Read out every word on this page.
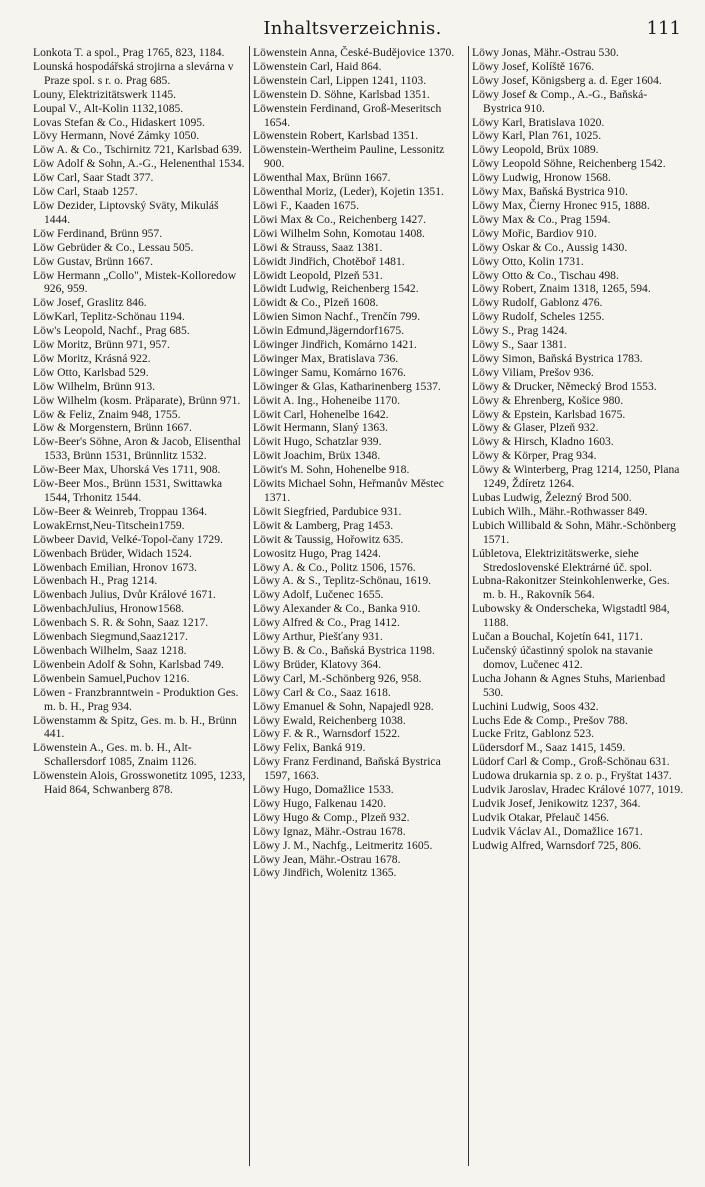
Inhaltsverzeichnis.	111

Lonkota T. a spol., Prag 1765, 823, 1184.

Lounská hospodářská strojirna a slevárna v Praze spol. s r. o. Prag 685.

Louny, Elektrizitätswerk 1145.

Loupal V., Alt-Kolin 1132,1085.

Lovas Stefan & Co., Hidaskert 1095.

Lövy Hermann, Nové Zámky 1050.

Löw A. & Co., Tschirnitz 721, Karlsbad 639.

Löw Adolf & Sohn, A.-G., Helenenthal 1534.

Löw Carl, Saar Stadt 377.

Löw Carl, Staab 1257.

Löw Dezider, Liptovský Sväty, Mikuláš 1444.

Löw Ferdinand, Brünn 957.

Löw Gebrüder & Co., Lessau 505.

Löw Gustav, Brünn 1667.

Löw Hermann „Collo", Mistek-Kolloredow 926, 959.

Löw Josef, Graslitz 846.

LöwKarl, Teplitz-Schönau 1194.

Löw's Leopold, Nachf., Prag 685.

Löw Moritz, Brünn 971, 957.

Löw Moritz, Krásná 922.

Löw Otto, Karlsbad 529.

Löw Wilhelm, Brünn 913.

Löw Wilhelm (kosm. Präparate), Brünn 971.

Löw & Feliz, Znaim 948, 1755.

Löw & Morgenstern, Brünn 1667.

Löw-Beer's Söhne, Aron & Jacob, Elisenthal 1533, Brünn 1531, Brünnlitz 1532.

Löw-Beer Max, Uhorská Ves 1711, 908.

Löw-Beer Mos., Brünn 1531, Swittawka 1544, Trhonitz 1544.

Löw-Beer & Weinreb, Troppau 1364.

LowakErnst,Neu-Titschein1759.

Löwbeer David, Velké-Topol-čany 1729.

Löwenbach Brüder, Widach 1524.

Löwenbach Emilian, Hronov 1673.

Löwenbach H., Prag 1214.

Löwenbach Julius, Dvůr Králové 1671.

LöwenbachJulius, Hronow1568.

Löwenbach S. R. & Sohn, Saaz 1217.

Löwenbach Siegmund,Saaz1217.

Löwenbach Wilhelm, Saaz 1218.

Löwenbein Adolf & Sohn, Karlsbad 749.

Löwenbein Samuel,Puchov 1216.

Löwen - Franzbranntwein - Produktion Ges. m. b. H., Prag 934.

Löwenstamm & Spitz, Ges. m. b. H., Brünn 441.

Löwenstein A., Ges. m. b. H., Alt-Schallersdorf 1085, Znaim 1126.

Löwenstein Alois, Grosswonetitz 1095, 1233, Haid 864, Schwanberg 878.

Löwenstein Anna, České-Budějovice 1370.

Löwenstein Carl, Haid 864.

Löwenstein Carl, Lippen 1241, 1103.

Löwenstein D. Söhne, Karlsbad 1351.

Löwenstein Ferdinand, Groß-Meseritsch 1654.

Löwenstein Robert, Karlsbad 1351.

Löwenstein-Wertheim Pauline, Lessonitz 900.

Löwenthal Max, Brünn 1667.

Löwenthal Moriz, (Leder), Kojetin 1351.

Löwi F., Kaaden 1675.

Löwi Max & Co., Reichenberg 1427.

Löwi Wilhelm Sohn, Komotau 1408.

Löwi & Strauss, Saaz 1381.

Löwidt Jindřich, Chotěboř 1481.

Löwidt Leopold, Plzeň 531.

Löwidt Ludwig, Reichenberg 1542.

Löwidt & Co., Plzeň 1608.

Löwien Simon Nachf., Trenčín 799.

Löwin Edmund,Jägerndorf1675.

Löwinger Jindřich, Komárno 1421.

Löwinger Max, Bratislava 736.

Löwinger Samu, Komárno 1676.

Löwinger & Glas, Katharinenberg 1537.

Löwit A. Ing., Hoheneibe 1170.

Löwit Carl, Hohenelbe 1642.

Löwit Hermann, Slaný 1363.

Löwit Hugo, Schatzlar 939.

Löwit Joachim, Brüx 1348.

Löwit's M. Sohn, Hohenelbe 918.

Löwits Michael Sohn, Heřmanův Městec 1371.

Löwit Siegfried, Pardubice 931.

Löwit & Lamberg, Prag 1453.

Löwit & Taussig, Hořowitz 635.

Lowositz Hugo, Prag 1424.

Löwy A. & Co., Politz 1506, 1576.

Löwy A. & S., Teplitz-Schönau, 1619.

Löwy Adolf, Lučenec 1655.

Löwy Alexander & Co., Banka 910.

Löwy Alfred & Co., Prag 1412.

Löwy Arthur, Piešťany 931.

Löwy B. & Co., Baňská Bystrica 1198.

Löwy Brüder, Klatovy 364.

Löwy Carl, M.-Schönberg 926, 958.

Löwy Carl & Co., Saaz 1618.

Löwy Emanuel & Sohn, Napajedl 928.

Löwy Ewald, Reichenberg 1038.

Löwy F. & R., Warnsdorf 1522.

Löwy Felix, Banká 919.

Löwy Franz Ferdinand, Baňská Bystrica 1597, 1663.

Löwy Hugo, Domažlice 1533.

Löwy Hugo, Falkenau 1420.

Löwy Hugo & Comp., Plzeň 932.

Löwy Ignaz, Mähr.-Ostrau 1678.

Löwy J. M., Nachfg., Leitmeritz 1605.

Löwy Jean, Mähr.-Ostrau 1678.

Löwy Jindřich, Wolenitz 1365.

Löwy Jonas, Mähr.-Ostrau 530.

Löwy Josef, Kolíště 1676.

Löwy Josef, Königsberg a. d. Eger 1604.

Löwy Josef & Comp., A.-G., Baňská-Bystrica 910.

Löwy Karl, Bratislava 1020.

Löwy Karl, Plan 761, 1025.

Löwy Leopold, Brüx 1089.

Löwy Leopold Söhne, Reichenberg 1542.

Löwy Ludwig, Hronow 1568.

Löwy Max, Baňská Bystrica 910.

Löwy Max, Čierny Hronec 915, 1888.

Löwy Max & Co., Prag 1594.

Löwy Mořic, Bardiov 910.

Löwy Oskar & Co., Aussig 1430.

Löwy Otto, Kolin 1731.

Löwy Otto & Co., Tischau 498.

Löwy Robert, Znaim 1318, 1265, 594.

Löwy Rudolf, Gablonz 476.

Löwy Rudolf, Scheles 1255.

Löwy S., Prag 1424.

Löwy S., Saar 1381.

Löwy Simon, Baňská Bystrica 1783.

Löwy Viliam, Prešov 936.

Löwy & Drucker, Německý Brod 1553.

Löwy & Ehrenberg, Košice 980.

Löwy & Epstein, Karlsbad 1675.

Löwy & Glaser, Plzeň 932.

Löwy & Hirsch, Kladno 1603.

Löwy & Körper, Prag 934.

Löwy & Winterberg, Prag 1214, 1250, Plana 1249, Ždíretz 1264.

Lubas Ludwig, Železný Brod 500.

Lubich Wilh., Mähr.-Rothwasser 849.

Lubich Willibald & Sohn, Mähr.-Schönberg 1571.

Lúbletova, Elektrizitätswerke, siehe Stredoslovenské Elektrárné úč. spol.

Lubna-Rakonitzer Steinkohlenwerke, Ges. m. b. H., Rakovník 564.

Lubowsky & Onderscheka, Wigstadtl 984, 1188.

Lučan a Bouchal, Kojetín 641, 1171.

Lučenský účastinný spolok na stavanie domov, Lučenec 412.

Lucha Johann & Agnes Stuhs, Marienbad 530.

Luchini Ludwig, Soos 432.

Luchs Ede & Comp., Prešov 788.

Lucke Fritz, Gablonz 523.

Lüdersdorf M., Saaz 1415, 1459.

Lüdorf Carl & Comp., Groß-Schönau 631.

Ludowa drukarnia sp. z o. p., Fryštat 1437.

Ludvik Jaroslav, Hradec Králové 1077, 1019.

Ludvik Josef, Jenikowitz 1237, 364.

Ludvik Otakar, Přelauč 1456.

Ludvik Václav Al., Domažlice 1671.

Ludwig Alfred, Warnsdorf 725, 806.
